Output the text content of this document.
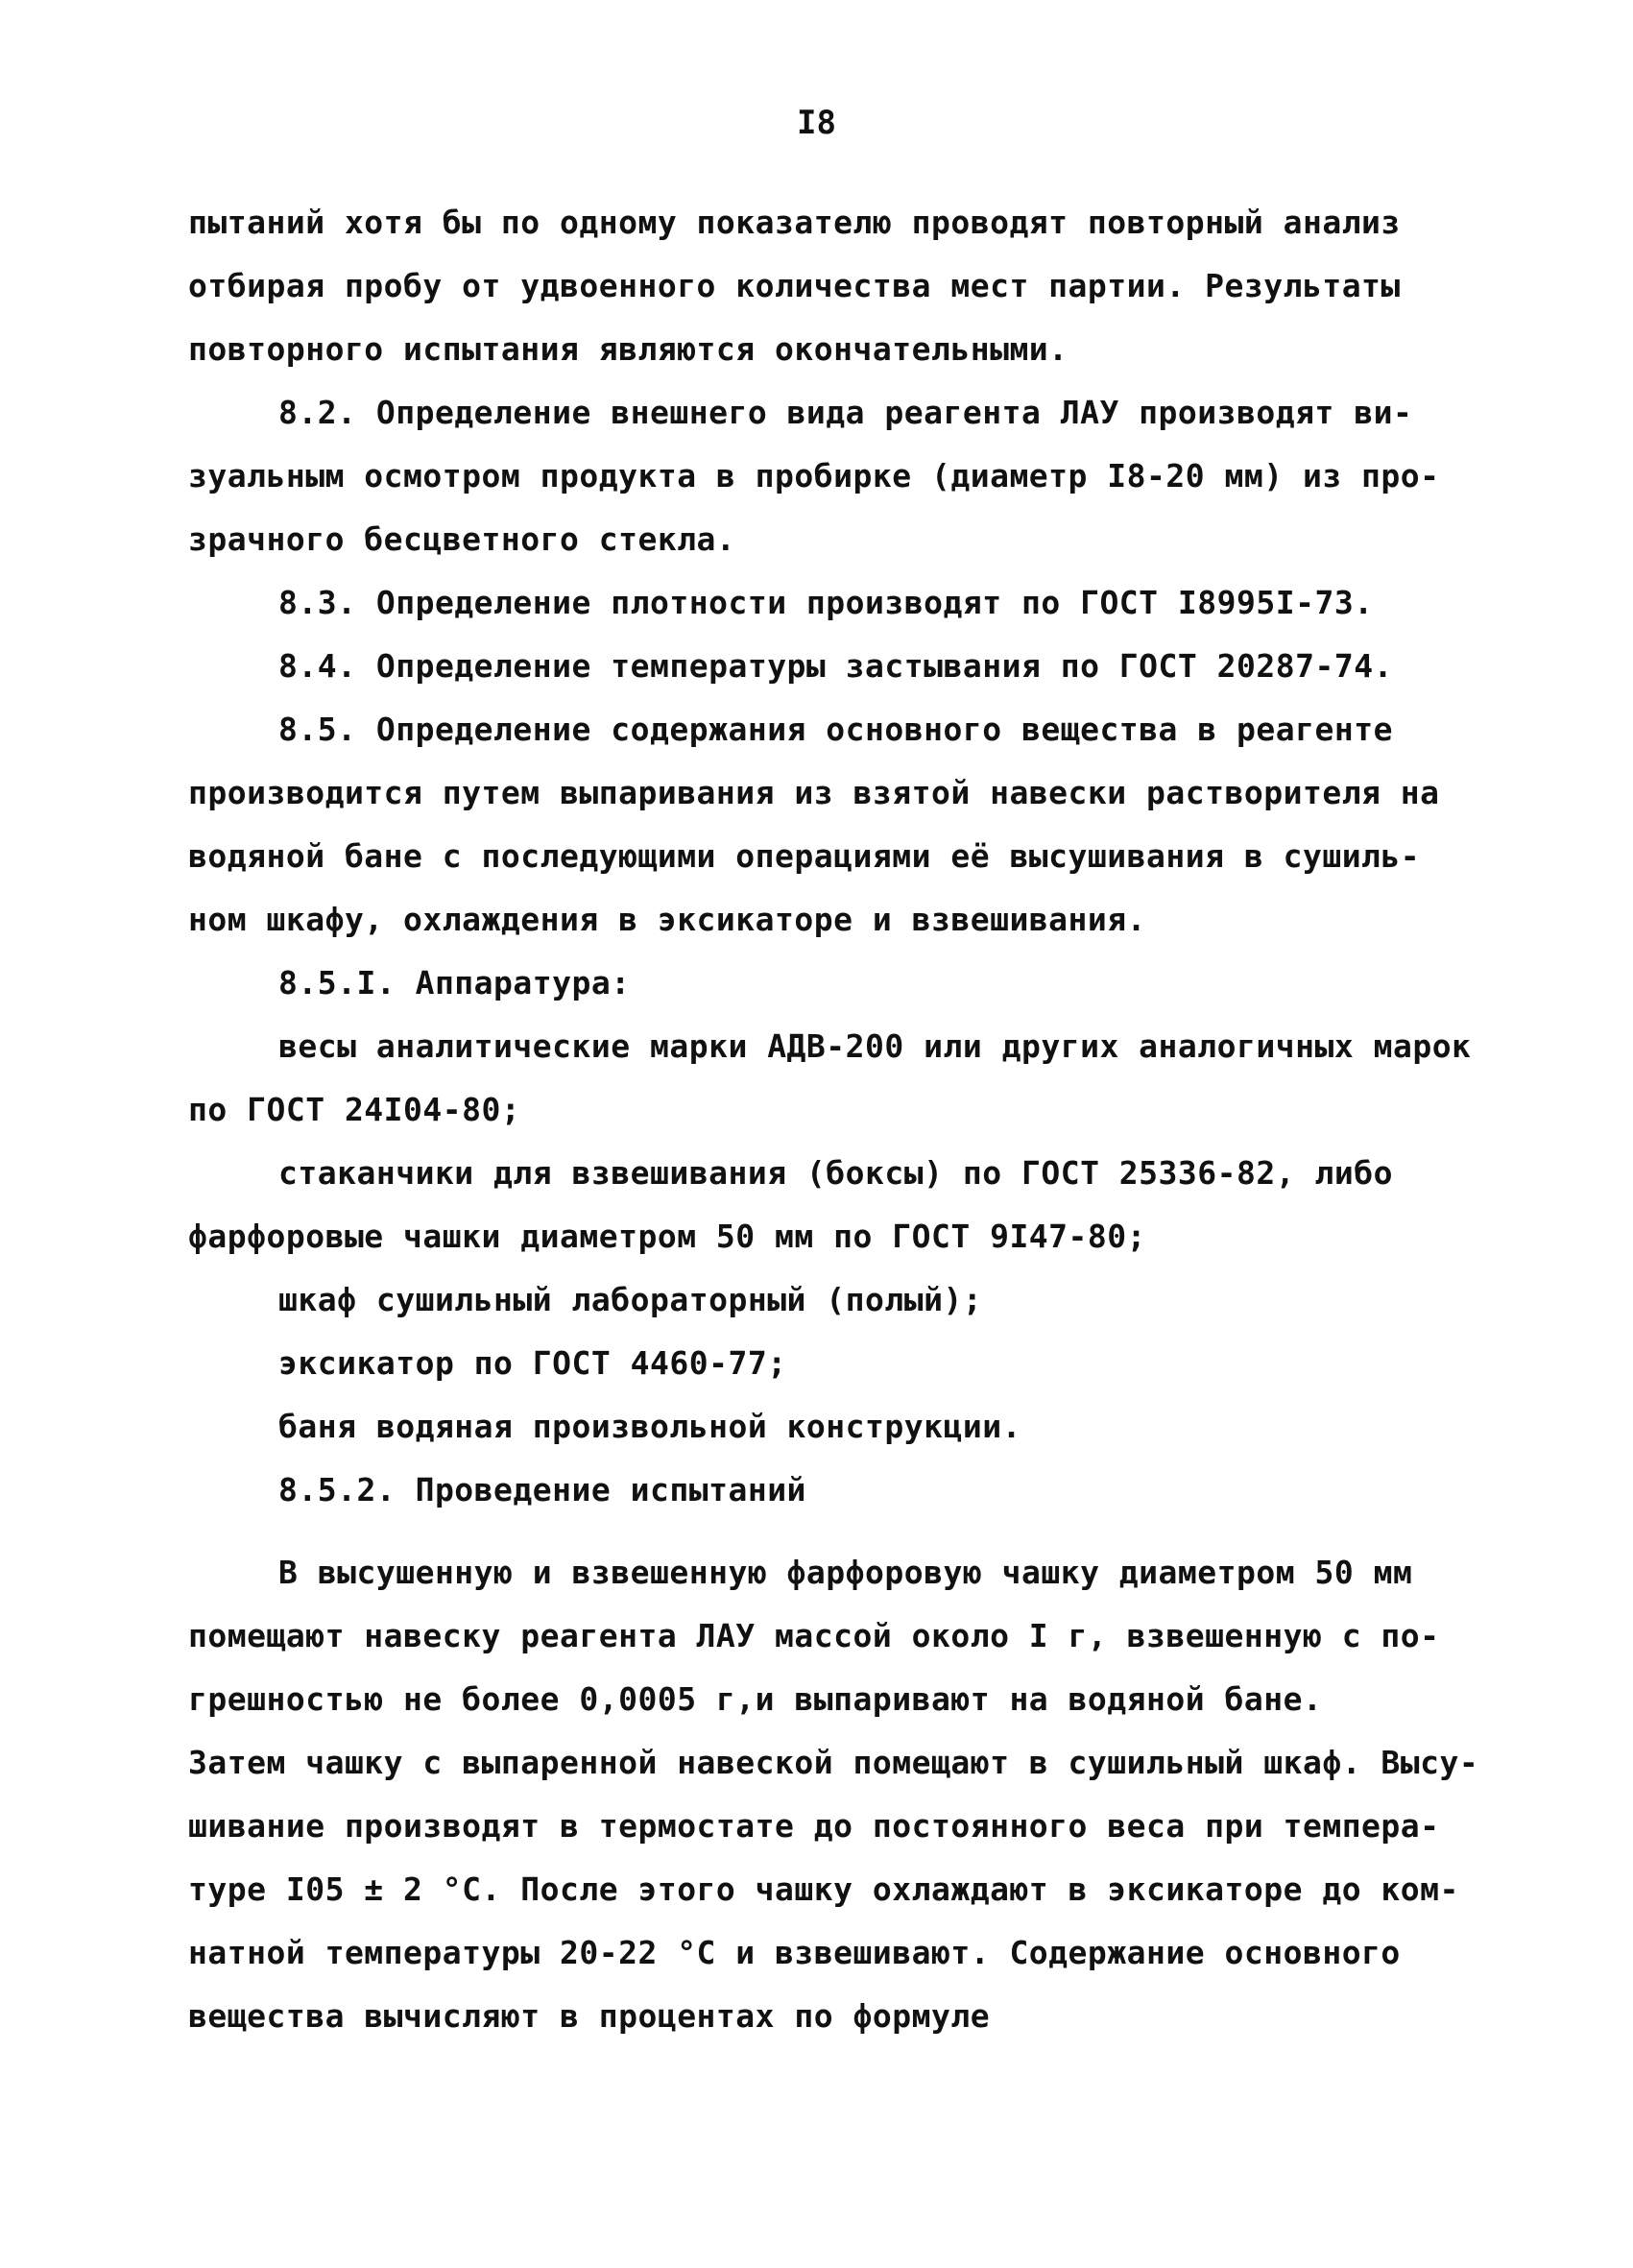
I8
пытаний хотя бы по одному показателю проводят повторный анализ
отбирая пробу от удвоенного количества мест партии. Результаты
повторного испытания являются окончательными.
8.2. Определение внешнего вида реагента ЛАУ производят ви-
зуальным осмотром продукта в пробирке (диаметр I8-20 мм) из про-
зрачного бесцветного стекла.
8.3. Определение плотности производят по ГОСТ I8995I-73.
8.4. Определение температуры застывания по ГОСТ 20287-74.
8.5. Определение содержания основного вещества в реагенте
производится путем выпаривания из взятой навески растворителя на
водяной бане с последующими операциями её высушивания в сушиль-
ном шкафу, охлаждения в эксикаторе и взвешивания.
8.5.I. Аппаратура:
весы аналитические марки АДВ-200 или других аналогичных марок
по ГОСТ 24I04-80;
стаканчики для взвешивания (боксы) по ГОСТ 25336-82, либо
фарфоровые чашки диаметром 50 мм по ГОСТ 9I47-80;
шкаф сушильный лабораторный (полый);
эксикатор по ГОСТ 4460-77;
баня водяная произвольной конструкции.
8.5.2. Проведение испытаний
В высушенную и взвешенную фарфоровую чашку диаметром 50 мм
помещают навеску реагента ЛАУ массой около I г, взвешенную с по-
грешностью не более 0,0005 г,и выпаривают на водяной бане.
Затем чашку с выпаренной навеской помещают в сушильный шкаф. Высу-
шивание производят в термостате до постоянного веса при темпера-
туре I05 ± 2 °С. После этого чашку охлаждают в эксикаторе до ком-
натной температуры 20-22 °С и взвешивают. Содержание основного
вещества вычисляют в процентах по формуле
